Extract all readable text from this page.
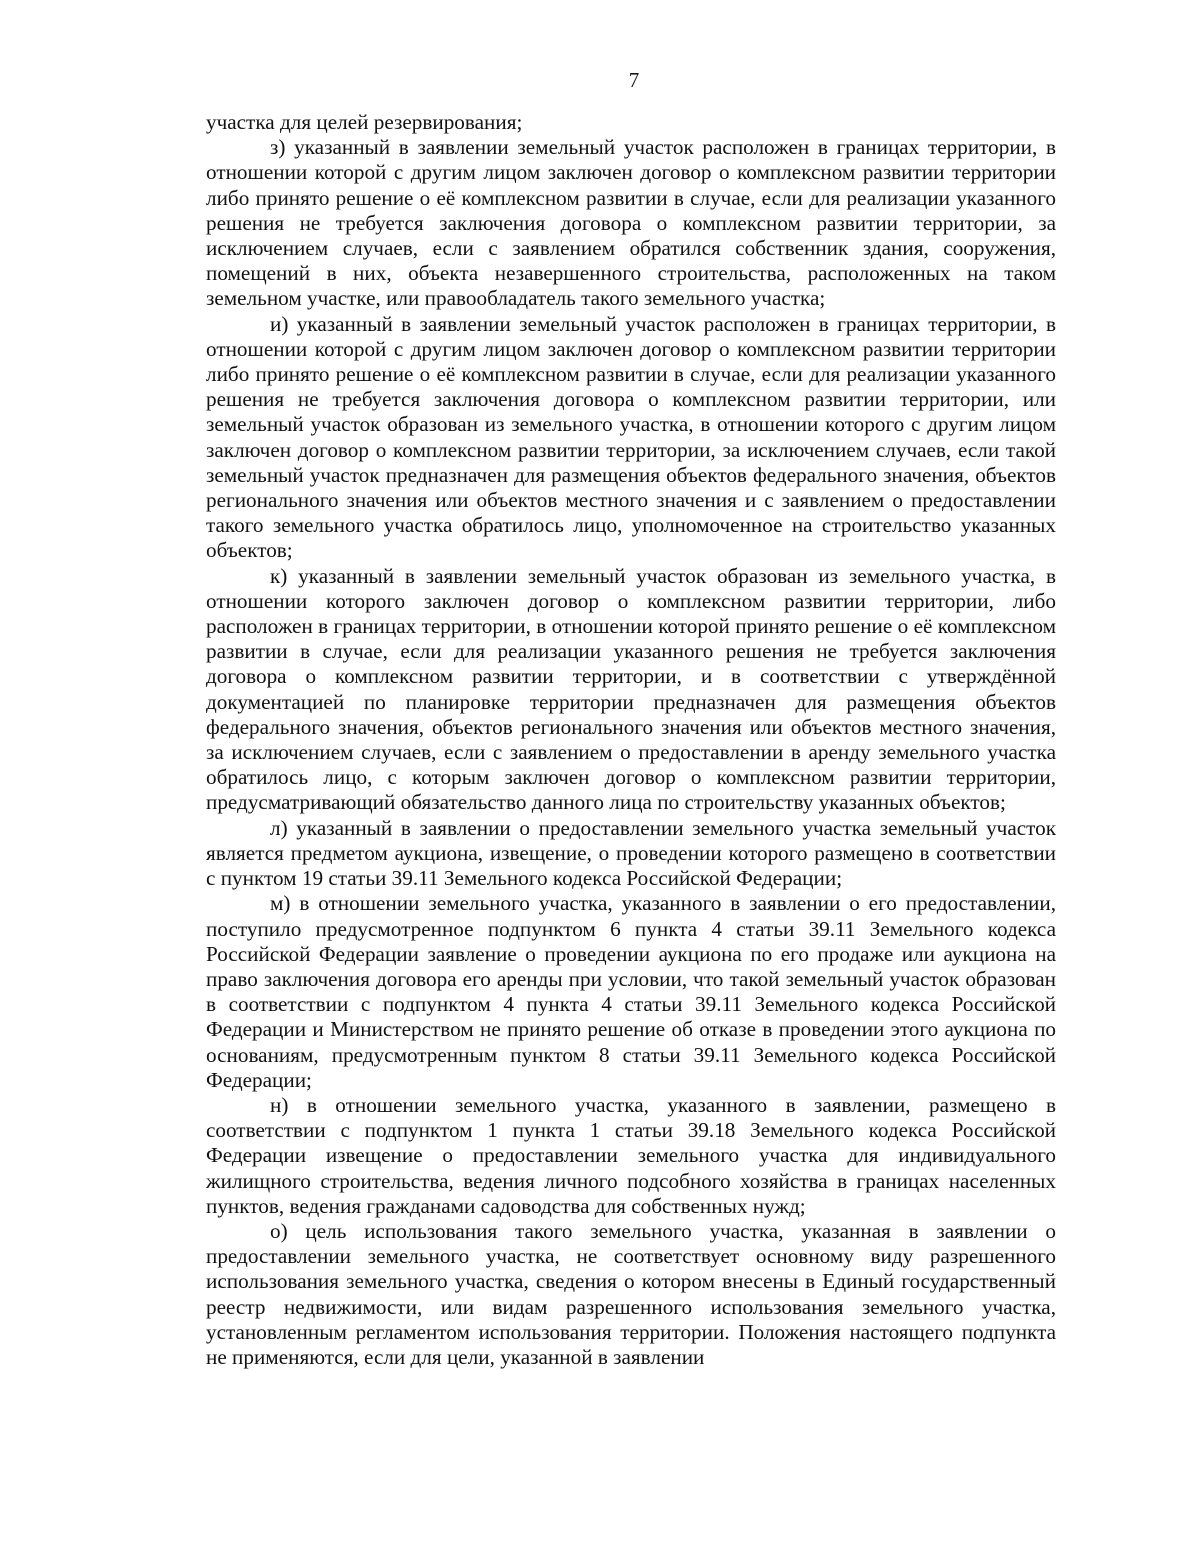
7

участка для целей резервирования;

з) указанный в заявлении земельный участок расположен в границах территории, в отношении которой с другим лицом заключен договор о комплексном развитии территории либо принято решение о её комплексном развитии в случае, если для реализации указанного решения не требуется заключения договора о комплексном развитии территории, за исключением случаев, если с заявлением обратился собственник здания, сооружения, помещений в них, объекта незавершенного строительства, расположенных на таком земельном участке, или правообладатель такого земельного участка;

и) указанный в заявлении земельный участок расположен в границах территории, в отношении которой с другим лицом заключен договор о комплексном развитии территории либо принято решение о её комплексном развитии в случае, если для реализации указанного решения не требуется заключения договора о комплексном развитии территории, или земельный участок образован из земельного участка, в отношении которого с другим лицом заключен договор о комплексном развитии территории, за исключением случаев, если такой земельный участок предназначен для размещения объектов федерального значения, объектов регионального значения или объектов местного значения и с заявлением о предоставлении такого земельного участка обратилось лицо, уполномоченное на строительство указанных объектов;

к) указанный в заявлении земельный участок образован из земельного участка, в отношении которого заключен договор о комплексном развитии территории, либо расположен в границах территории, в отношении которой принято решение о её комплексном развитии в случае, если для реализации указанного решения не требуется заключения договора о комплексном развитии территории, и в соответствии с утверждённой документацией по планировке территории предназначен для размещения объектов федерального значения, объектов регионального значения или объектов местного значения, за исключением случаев, если с заявлением о предоставлении в аренду земельного участка обратилось лицо, с которым заключен договор о комплексном развитии территории, предусматривающий обязательство данного лица по строительству указанных объектов;

л) указанный в заявлении о предоставлении земельного участка земельный участок является предметом аукциона, извещение, о проведении которого размещено в соответствии с пунктом 19 статьи 39.11 Земельного кодекса Российской Федерации;

м) в отношении земельного участка, указанного в заявлении о его предоставлении, поступило предусмотренное подпунктом 6 пункта 4 статьи 39.11 Земельного кодекса Российской Федерации заявление о проведении аукциона по его продаже или аукциона на право заключения договора его аренды при условии, что такой земельный участок образован в соответствии с подпунктом 4 пункта 4 статьи 39.11 Земельного кодекса Российской Федерации и Министерством не принято решение об отказе в проведении этого аукциона по основаниям, предусмотренным пунктом 8 статьи 39.11 Земельного кодекса Российской Федерации;

н) в отношении земельного участка, указанного в заявлении, размещено в соответствии с подпунктом 1 пункта 1 статьи 39.18 Земельного кодекса Российской Федерации извещение о предоставлении земельного участка для индивидуального жилищного строительства, ведения личного подсобного хозяйства в границах населенных пунктов, ведения гражданами садоводства для собственных нужд;

о) цель использования такого земельного участка, указанная в заявлении о предоставлении земельного участка, не соответствует основному виду разрешенного использования земельного участка, сведения о котором внесены в Единый государственный реестр недвижимости, или видам разрешенного использования земельного участка, установленным регламентом использования территории. Положения настоящего подпункта не применяются, если для цели, указанной в заявлении
